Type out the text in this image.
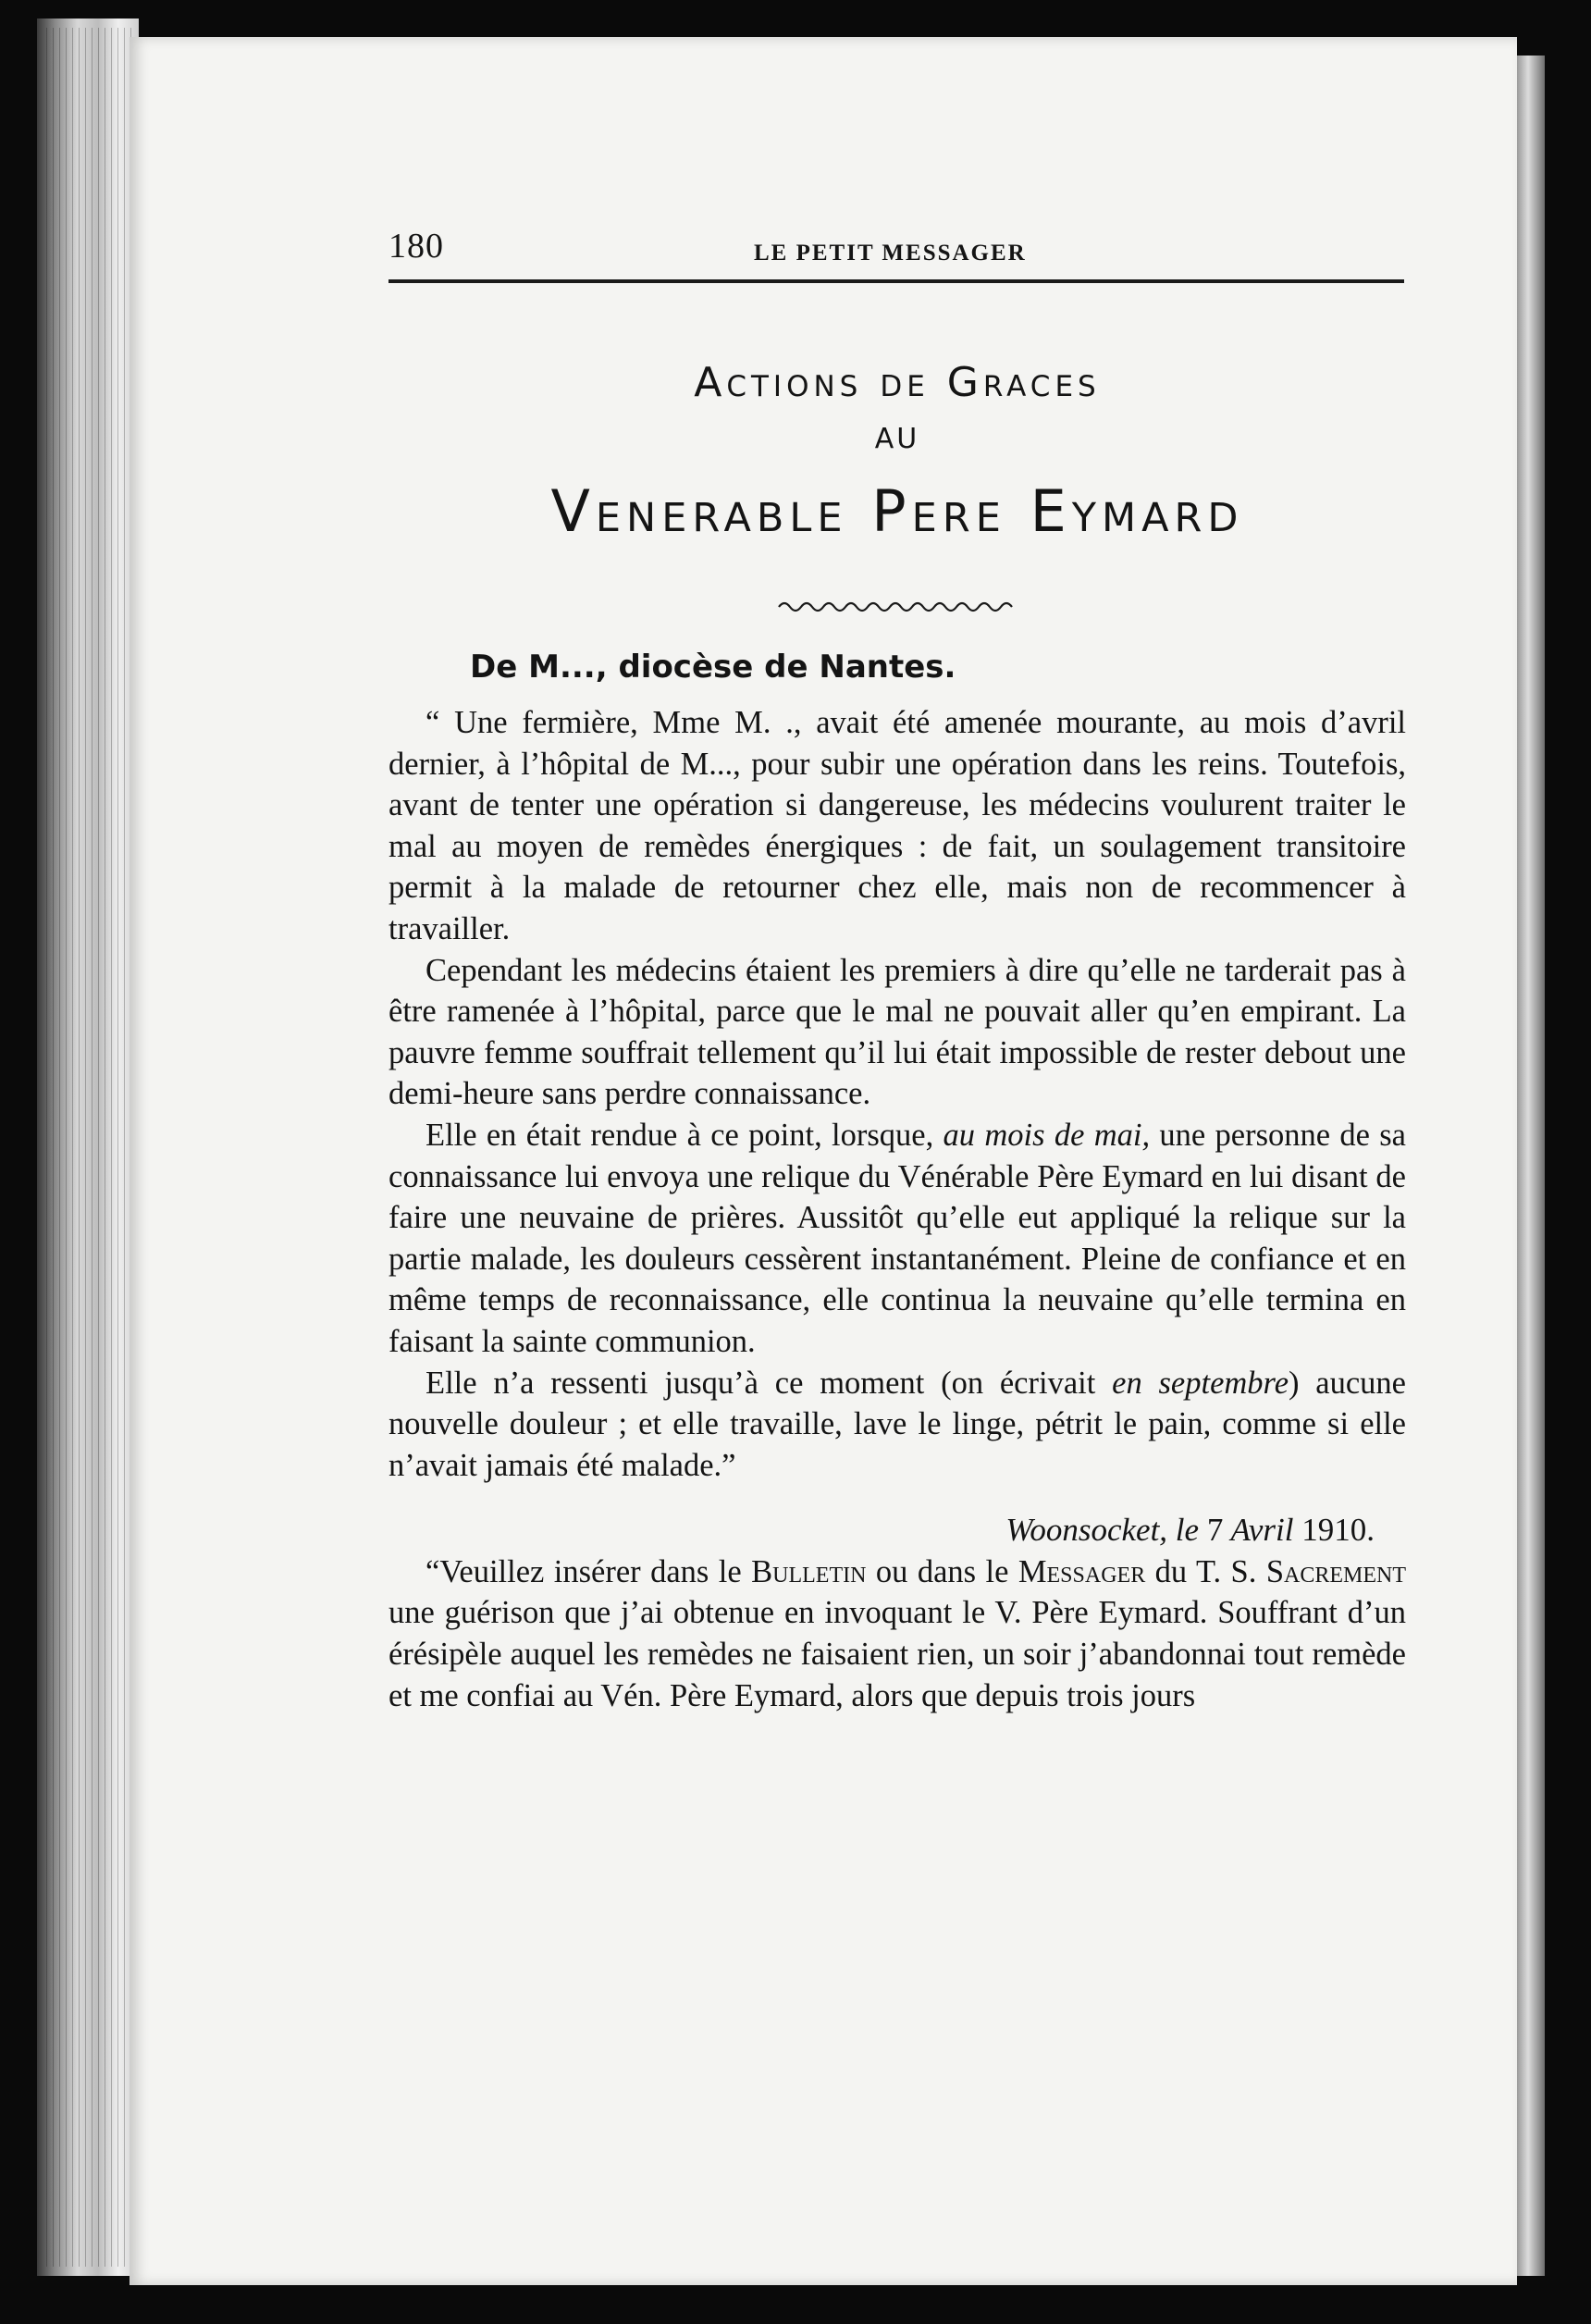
180	LE PETIT MESSAGER
Actions de Graces
AU
Venerable Pere Eymard
De M..., diocèse de Nantes.

“ Une fermière, Mme M. ., avait été amenée mourante, au mois d’avril dernier, à l’hôpital de M..., pour subir une opération dans les reins. Toutefois, avant de tenter une opération si dangereuse, les médecins voulurent traiter le mal au moyen de remèdes énergiques : de fait, un soulagement transitoire permit à la malade de retourner chez elle, mais non de recommencer à travailler.

Cependant les médecins étaient les premiers à dire qu’elle ne tarderait pas à être ramenée à l’hôpital, parce que le mal ne pouvait aller qu’en empirant. La pauvre femme souffrait tellement qu’il lui était impossible de rester debout une demi-heure sans perdre connaissance.

Elle en était rendue à ce point, lorsque, au mois de mai, une personne de sa connaissance lui envoya une relique du Vénérable Père Eymard en lui disant de faire une neuvaine de prières. Aussitôt qu’elle eut appliqué la relique sur la partie malade, les douleurs cessèrent instantanément. Pleine de confiance et en même temps de reconnaissance, elle continua la neuvaine qu’elle termina en faisant la sainte communion.

Elle n’a ressenti jusqu’à ce moment (on écrivait en septembre) aucune nouvelle douleur ; et elle travaille, lave le linge, pétrit le pain, comme si elle n’avait jamais été malade.”

Woonsocket, le 7 Avril 1910.

“Veuillez insérer dans le Bulletin ou dans le Messager du T. S. Sacrement une guérison que j’ai obtenue en invoquant le V. Père Eymard. Souffrant d’un érésipèle auquel les remèdes ne faisaient rien, un soir j’abandonnai tout remède et me confiai au Vén. Père Eymard, alors que depuis trois jours
